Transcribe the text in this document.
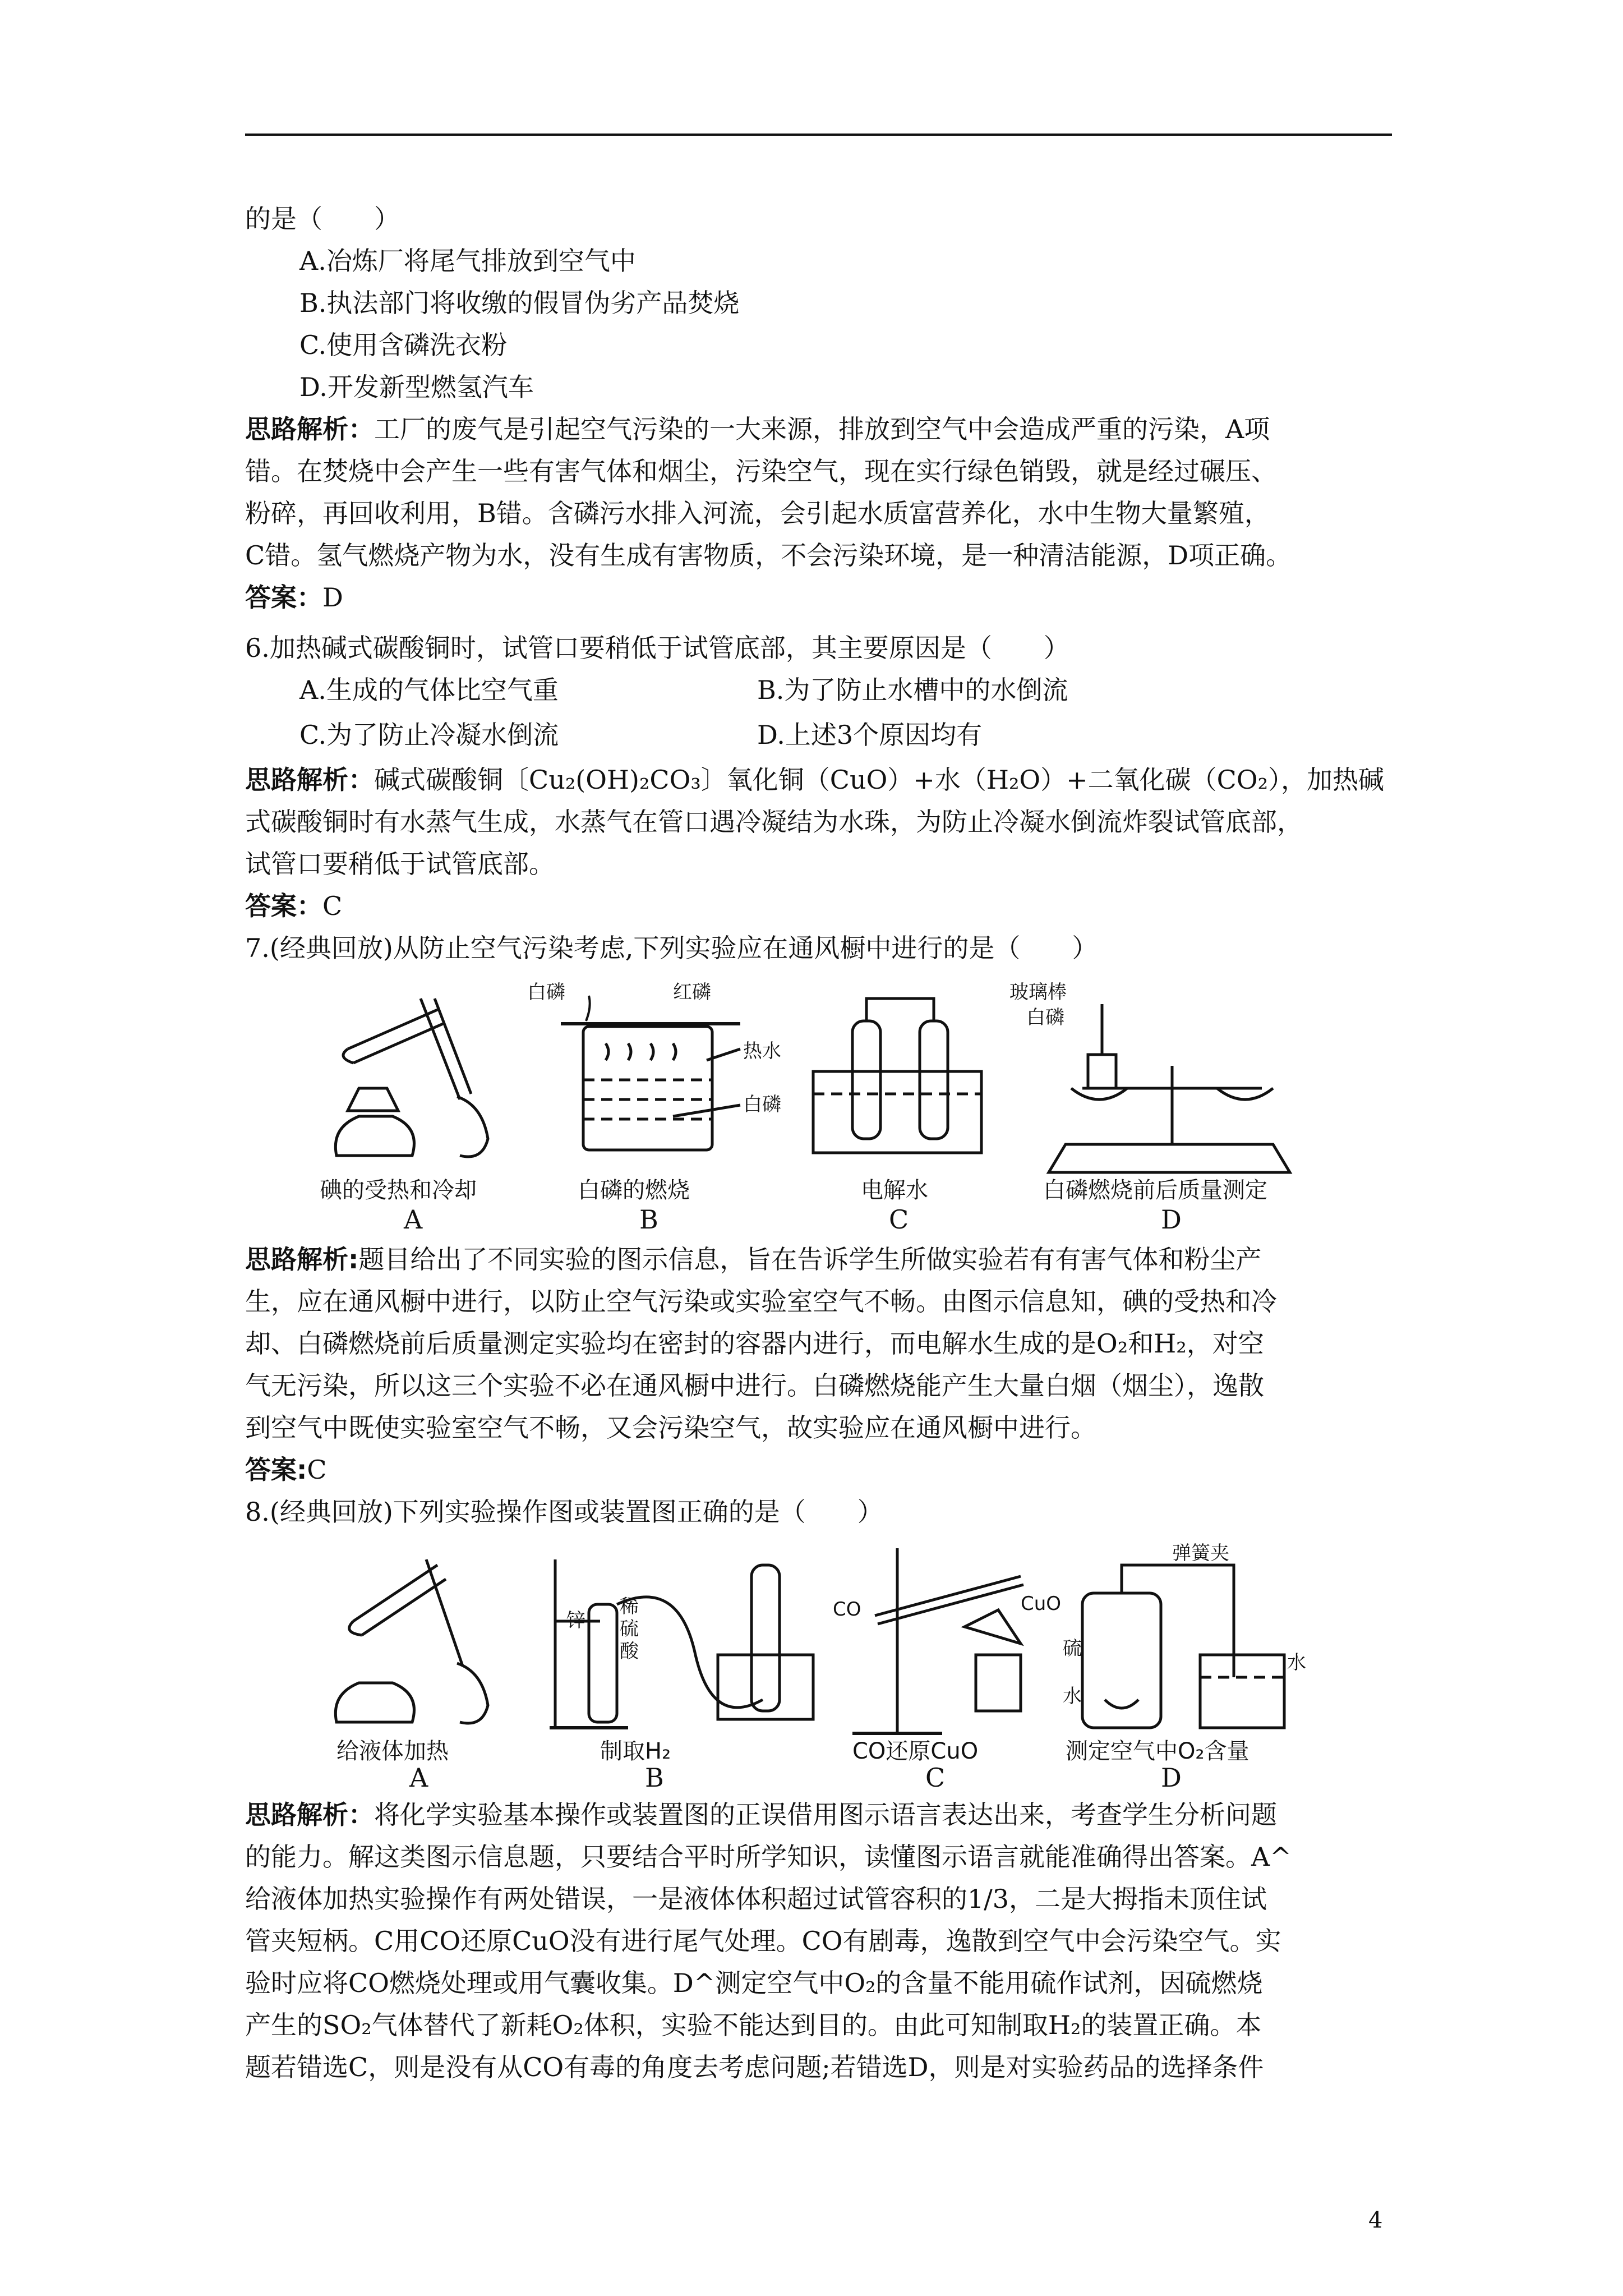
的是（　　）
A.冶炼厂将尾气排放到空气中
B.执法部门将收缴的假冒伪劣产品焚烧
C.使用含磷洗衣粉
D.开发新型燃氢汽车
思路解析：工厂的废气是引起空气污染的一大来源，排放到空气中会造成严重的污染，A项
错。在焚烧中会产生一些有害气体和烟尘，污染空气，现在实行绿色销毁，就是经过碾压、
粉碎，再回收利用，B错。含磷污水排入河流，会引起水质富营养化，水中生物大量繁殖，
C错。氢气燃烧产物为水，没有生成有害物质，不会污染环境，是一种清洁能源，D项正确。
答案：D
6.加热碱式碳酸铜时，试管口要稍低于试管底部，其主要原因是（　　）
A.生成的气体比空气重	B.为了防止水槽中的水倒流
C.为了防止冷凝水倒流	D.上述3个原因均有
思路解析：碱式碳酸铜〔Cu₂(OH)₂CO₃〕氧化铜（CuO）+水（H₂O）+二氧化碳（CO₂），加热碱
式碳酸铜时有水蒸气生成，水蒸气在管口遇冷凝结为水珠，为防止冷凝水倒流炸裂试管底部，
试管口要稍低于试管底部。
答案：C
7.(经典回放)从防止空气污染考虑,下列实验应在通风橱中进行的是（　　）
白磷	红磷
热水
白磷
玻璃棒
白磷
碘的受热和冷却	白磷的燃烧	电解水	白磷燃烧前后质量测定
A	B	C	D
思路解析:题目给出了不同实验的图示信息，旨在告诉学生所做实验若有有害气体和粉尘产
生，应在通风橱中进行，以防止空气污染或实验室空气不畅。由图示信息知，碘的受热和冷
却、白磷燃烧前后质量测定实验均在密封的容器内进行，而电解水生成的是O₂和H₂，对空
气无污染，所以这三个实验不必在通风橱中进行。白磷燃烧能产生大量白烟（烟尘），逸散
到空气中既使实验室空气不畅，又会污染空气，故实验应在通风橱中进行。
答案:C
8.(经典回放)下列实验操作图或装置图正确的是（　　）
锌
稀
硫
酸
CO	CuO
弹簧夹
硫
水
水
给液体加热	制取H₂	CO还原CuO	测定空气中O₂含量
A	B	C	D
思路解析：将化学实验基本操作或装置图的正误借用图示语言表达出来，考查学生分析问题
的能力。解这类图示信息题，只要结合平时所学知识，读懂图示语言就能准确得出答案。A^
给液体加热实验操作有两处错误，一是液体体积超过试管容积的1/3，二是大拇指未顶住试
管夹短柄。C用CO还原CuO没有进行尾气处理。CO有剧毒，逸散到空气中会污染空气。实
验时应将CO燃烧处理或用气囊收集。D^测定空气中O₂的含量不能用硫作试剂，因硫燃烧
产生的SO₂气体替代了新耗O₂体积，实验不能达到目的。由此可知制取H₂的装置正确。本
题若错选C，则是没有从CO有毒的角度去考虑问题;若错选D，则是对实验药品的选择条件
4
